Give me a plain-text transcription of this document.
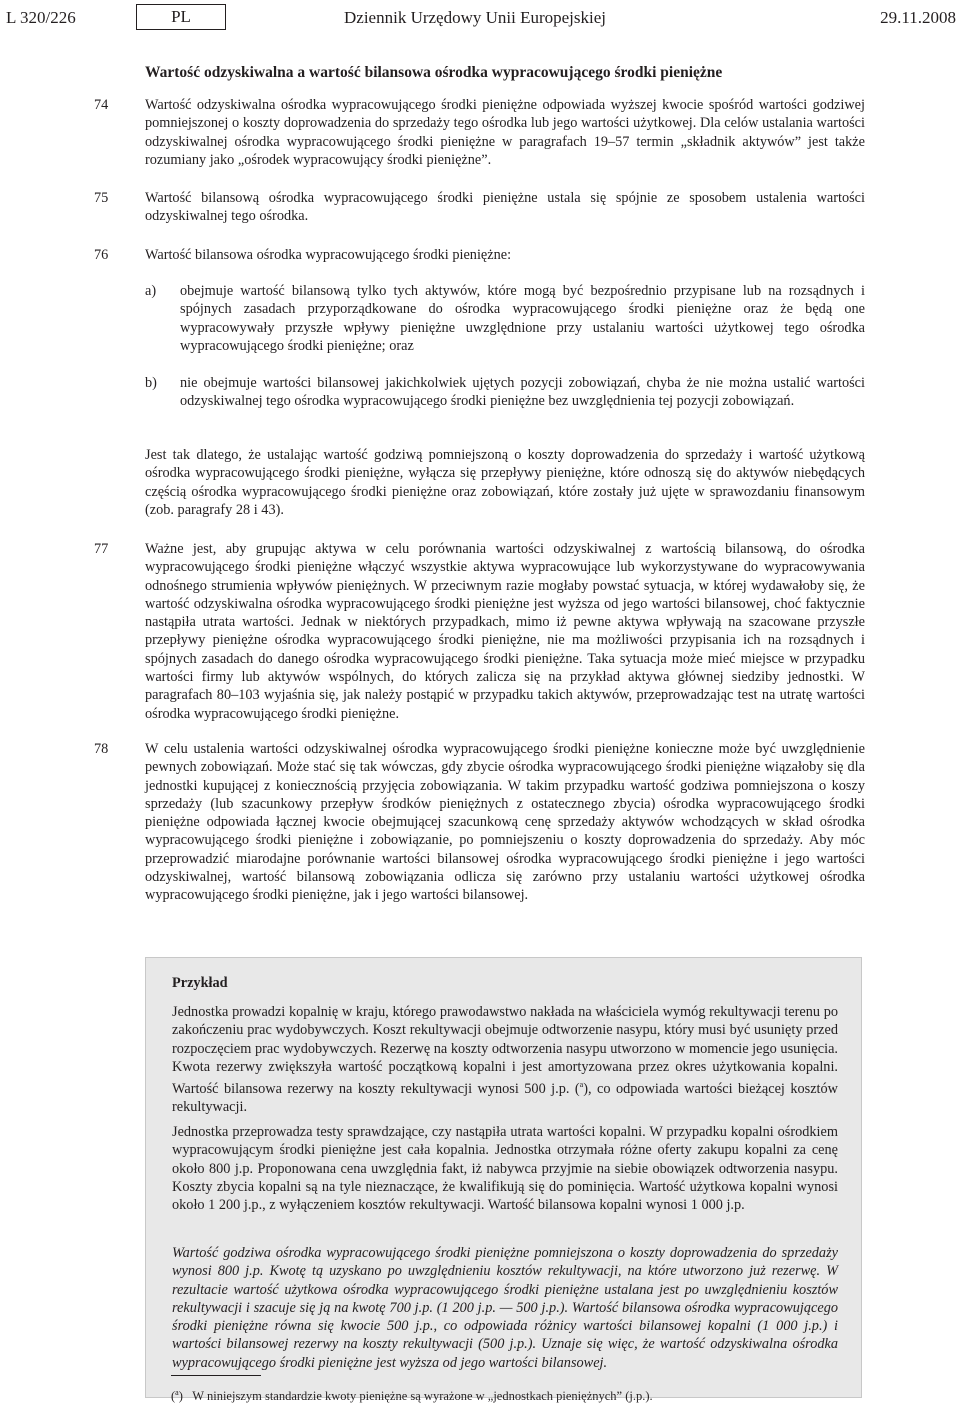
L 320/226	PL	Dziennik Urzędowy Unii Europejskiej	29.11.2008
Wartość odzyskiwalna a wartość bilansowa ośrodka wypracowującego środki pieniężne
74	Wartość odzyskiwalna ośrodka wypracowującego środki pieniężne odpowiada wyższej kwocie spośród wartości godziwej pomniejszonej o koszty doprowadzenia do sprzedaży tego ośrodka lub jego wartości użytkowej. Dla celów ustalania wartości odzyskiwalnej ośrodka wypracowującego środki pieniężne w paragrafach 19–57 termin „składnik aktywów” jest także rozumiany jako „ośrodek wypracowujący środki pieniężne”.

75	Wartość bilansową ośrodka wypracowującego środki pieniężne ustala się spójnie ze sposobem ustalenia wartości odzyskiwalnej tego ośrodka.

76	Wartość bilansowa ośrodka wypracowującego środki pieniężne:

a) obejmuje wartość bilansową tylko tych aktywów, które mogą być bezpośrednio przypisane lub na rozsądnych i spójnych zasadach przyporządkowane do ośrodka wypracowującego środki pieniężne oraz że będą one wypracowywały przyszłe wpływy pieniężne uwzględnione przy ustalaniu wartości użytkowej tego ośrodka wypracowującego środki pieniężne; oraz

b) nie obejmuje wartości bilansowej jakichkolwiek ujętych pozycji zobowiązań, chyba że nie można ustalić wartości odzyskiwalnej tego ośrodka wypracowującego środki pieniężne bez uwzględnienia tej pozycji zobowiązań.

Jest tak dlatego, że ustalając wartość godziwą pomniejszoną o koszty doprowadzenia do sprzedaży i wartość użytkową ośrodka wypracowującego środki pieniężne, wyłącza się przepływy pieniężne, które odnoszą się do aktywów niebędących częścią ośrodka wypracowującego środki pieniężne oraz zobowiązań, które zostały już ujęte w sprawozdaniu finansowym (zob. paragrafy 28 i 43).

77	Ważne jest, aby grupując aktywa w celu porównania wartości odzyskiwalnej z wartością bilansową, do ośrodka wypracowującego środki pieniężne włączyć wszystkie aktywa wypracowujące lub wykorzystywane do wypracowywania odnośnego strumienia wpływów pieniężnych. W przeciwnym razie mogłaby powstać sytuacja, w której wydawałoby się, że wartość odzyskiwalna ośrodka wypracowującego środki pieniężne jest wyższa od jego wartości bilansowej, choć faktycznie nastąpiła utrata wartości. Jednak w niektórych przypadkach, mimo iż pewne aktywa wpływają na szacowane przyszłe przepływy pieniężne ośrodka wypracowującego środki pieniężne, nie ma możliwości przypisania ich na rozsądnych i spójnych zasadach do danego ośrodka wypracowującego środki pieniężne. Taka sytuacja może mieć miejsce w przypadku wartości firmy lub aktywów wspólnych, do których zalicza się na przykład aktywa głównej siedziby jednostki. W paragrafach 80–103 wyjaśnia się, jak należy postąpić w przypadku takich aktywów, przeprowadzając test na utratę wartości ośrodka wypracowującego środki pieniężne.

78	W celu ustalenia wartości odzyskiwalnej ośrodka wypracowującego środki pieniężne konieczne może być uwzględnienie pewnych zobowiązań. Może stać się tak wówczas, gdy zbycie ośrodka wypracowującego środki pieniężne wiązałoby się dla jednostki kupującej z koniecznością przyjęcia zobowiązania. W takim przypadku wartość godziwa pomniejszona o koszy sprzedaży (lub szacunkowy przepływ środków pieniężnych z ostatecznego zbycia) ośrodka wypracowującego środki pieniężne odpowiada łącznej kwocie obejmującej szacunkową cenę sprzedaży aktywów wchodzących w skład ośrodka wypracowującego środki pieniężne i zobowiązanie, po pomniejszeniu o koszty doprowadzenia do sprzedaży. Aby móc przeprowadzić miarodajne porównanie wartości bilansowej ośrodka wypracowującego środki pieniężne i jego wartości odzyskiwalnej, wartość bilansową zobowiązania odlicza się zarówno przy ustalaniu wartości użytkowej ośrodka wypracowującego środki pieniężne, jak i jego wartości bilansowej.

Przykład

Jednostka prowadzi kopalnię w kraju, którego prawodawstwo nakłada na właściciela wymóg rekultywacji terenu po zakończeniu prac wydobywczych. Koszt rekultywacji obejmuje odtworzenie nasypu, który musi być usunięty przed rozpoczęciem prac wydobywczych. Rezerwę na koszty odtworzenia nasypu utworzono w momencie jego usunięcia. Kwota rezerwy zwiększyła wartość początkową kopalni i jest amortyzowana przez okres użytkowania kopalni. Wartość bilansowa rezerwy na koszty rekultywacji wynosi 500 j.p. ($^a$), co odpowiada wartości bieżącej kosztów rekultywacji.

Jednostka przeprowadza testy sprawdzające, czy nastąpiła utrata wartości kopalni. W przypadku kopalni ośrodkiem wypracowującym środki pieniężne jest cała kopalnia. Jednostka otrzymała różne oferty zakupu kopalni za cenę około 800 j.p. Proponowana cena uwzględnia fakt, iż nabywca przyjmie na siebie obowiązek odtworzenia nasypu. Koszty zbycia kopalni są na tyle nieznaczące, że kwalifikują się do pominięcia. Wartość użytkowa kopalni wynosi około 1 200 j.p., z wyłączeniem kosztów rekultywacji. Wartość bilansowa kopalni wynosi 1 000 j.p.

Wartość godziwa ośrodka wypracowującego środki pieniężne pomniejszona o koszty doprowadzenia do sprzedaży wynosi 800 j.p. Kwotę tą uzyskano po uwzględnieniu kosztów rekultywacji, na które utworzono już rezerwę. W rezultacie wartość użytkowa ośrodka wypracowującego środki pieniężne ustalana jest po uwzględnieniu kosztów rekultywacji i szacuje się ją na kwotę 700 j.p. (1 200 j.p. — 500 j.p.). Wartość bilansowa ośrodka wypracowującego środki pieniężne równa się kwocie 500 j.p., co odpowiada różnicy wartości bilansowej kopalni (1 000 j.p.) i wartości bilansowej rezerwy na koszty rekultywacji (500 j.p.). Uznaje się więc, że wartość odzyskiwalna ośrodka wypracowującego środki pieniężne jest wyższa od jego wartości bilansowej.

($^a$) W niniejszym standardzie kwoty pieniężne są wyrażone w „jednostkach pieniężnych” (j.p.).
